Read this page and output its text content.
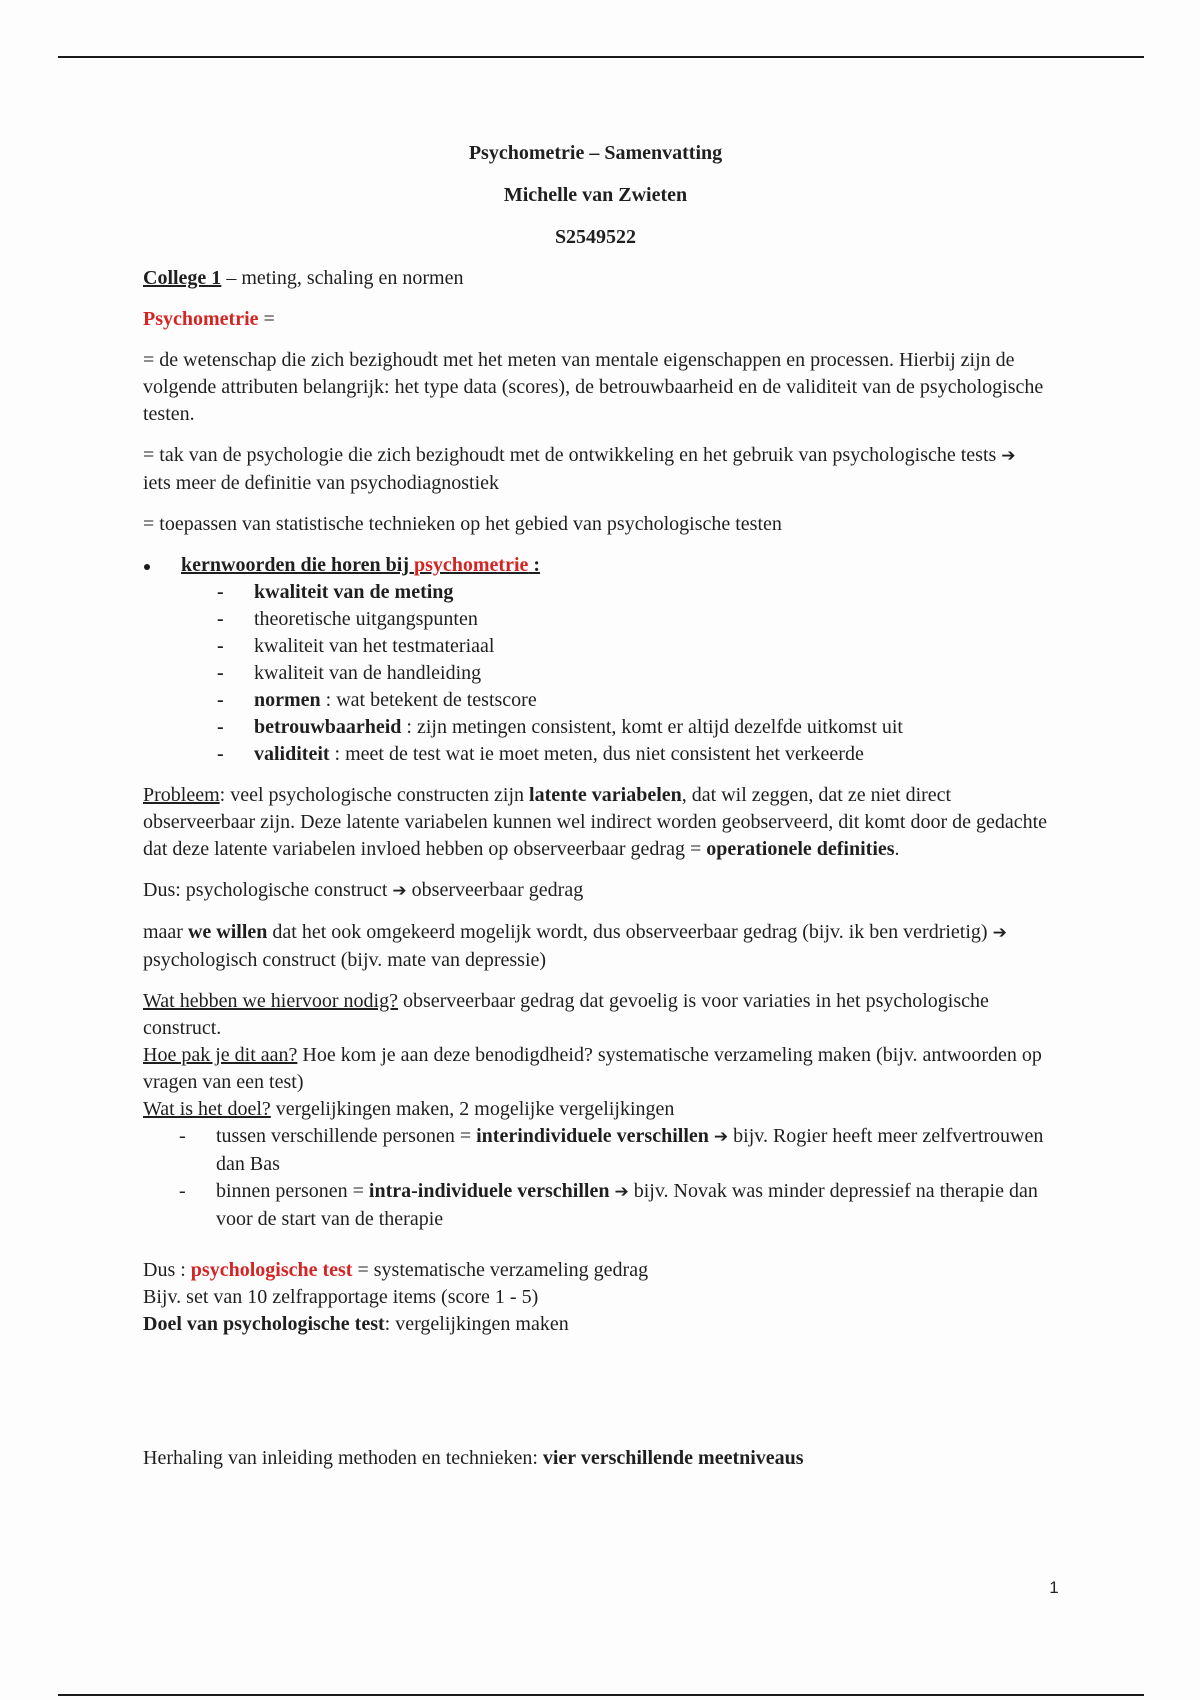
Psychometrie – Samenvatting
Michelle van Zwieten
S2549522

College 1 – meting, schaling en normen

Psychometrie =

= de wetenschap die zich bezighoudt met het meten van mentale eigenschappen en processen. Hierbij zijn de volgende attributen belangrijk: het type data (scores), de betrouwbaarheid en de validiteit van de psychologische testen.

= tak van de psychologie die zich bezighoudt met de ontwikkeling en het gebruik van psychologische tests ➔ iets meer de definitie van psychodiagnostiek

= toepassen van statistische technieken op het gebied van psychologische testen

kernwoorden die horen bij psychometrie :
- kwaliteit van de meting
- theoretische uitgangspunten
- kwaliteit van het testmateriaal
- kwaliteit van de handleiding
- normen : wat betekent de testscore
- betrouwbaarheid : zijn metingen consistent, komt er altijd dezelfde uitkomst uit
- validiteit : meet de test wat ie moet meten, dus niet consistent het verkeerde

Probleem: veel psychologische constructen zijn latente variabelen, dat wil zeggen, dat ze niet direct observeerbaar zijn. Deze latente variabelen kunnen wel indirect worden geobserveerd, dit komt door de gedachte dat deze latente variabelen invloed hebben op observeerbaar gedrag = operationele definities.

Dus: psychologische construct ➔ observeerbaar gedrag

maar we willen dat het ook omgekeerd mogelijk wordt, dus observeerbaar gedrag (bijv. ik ben verdrietig) ➔  psychologisch construct (bijv. mate van depressie)

Wat hebben we hiervoor nodig? observeerbaar gedrag dat gevoelig is voor variaties in het psychologische construct.

Hoe pak je dit aan? Hoe kom je aan deze benodigdheid? systematische verzameling maken (bijv. antwoorden op vragen van een test)

Wat is het doel? vergelijkingen maken, 2 mogelijke vergelijkingen

- tussen verschillende personen = interindividuele verschillen ➔ bijv. Rogier heeft meer zelfvertrouwen dan Bas
- binnen personen = intra-individuele verschillen ➔ bijv. Novak was minder depressief na therapie dan voor de start van de therapie

Dus : psychologische test = systematische verzameling gedrag

Bijv. set van 10 zelfrapportage items (score 1 - 5)

Doel van psychologische test: vergelijkingen maken

Herhaling van inleiding methoden en technieken: vier verschillende meetniveaus

1
